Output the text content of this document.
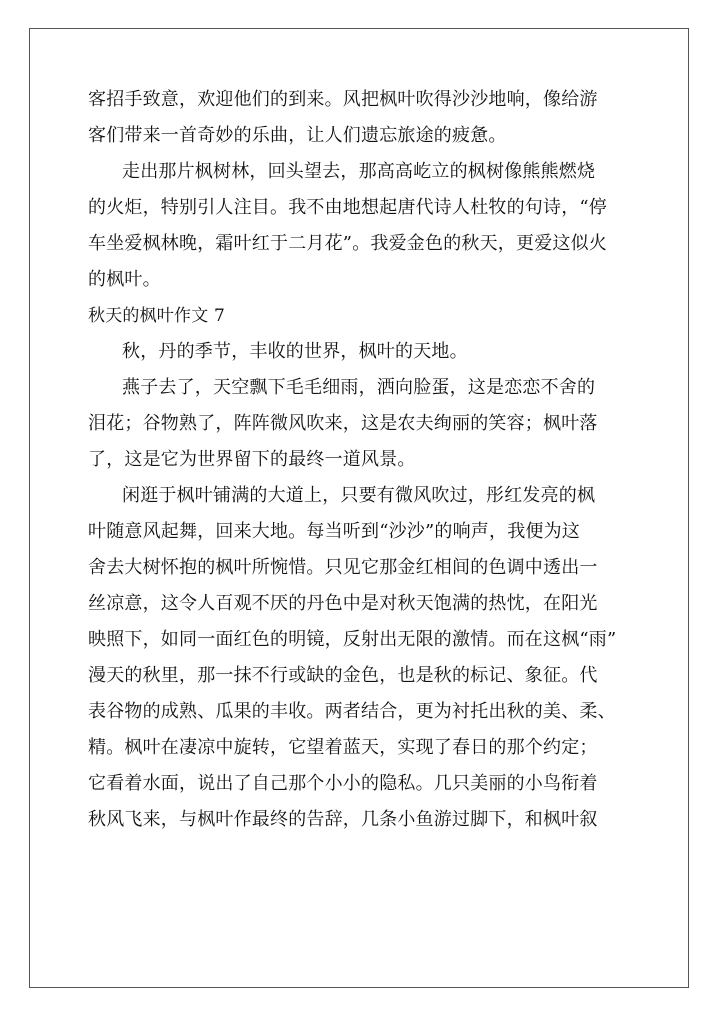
客招手致意，欢迎他们的到来。风把枫叶吹得沙沙地响，像给游
客们带来一首奇妙的乐曲，让人们遗忘旅途的疲惫。
走出那片枫树林，回头望去，那高高屹立的枫树像熊熊燃烧
的火炬，特别引人注目。我不由地想起唐代诗人杜牧的句诗，“停
车坐爱枫林晚，霜叶红于二月花”。我爱金色的秋天，更爱这似火
的枫叶。
秋天的枫叶作文 7
秋，丹的季节，丰收的世界，枫叶的天地。
燕子去了，天空飘下毛毛细雨，洒向脸蛋，这是恋恋不舍的
泪花；谷物熟了，阵阵微风吹来，这是农夫绚丽的笑容；枫叶落
了，这是它为世界留下的最终一道风景。
闲逛于枫叶铺满的大道上，只要有微风吹过，彤红发亮的枫
叶随意风起舞，回来大地。每当听到“沙沙”的响声，我便为这
舍去大树怀抱的枫叶所惋惜。只见它那金红相间的色调中透出一
丝凉意，这令人百观不厌的丹色中是对秋天饱满的热忱，在阳光
映照下，如同一面红色的明镜，反射出无限的激情。而在这枫“雨”
漫天的秋里，那一抹不行或缺的金色，也是秋的标记、象征。代
表谷物的成熟、瓜果的丰收。两者结合，更为衬托出秋的美、柔、
精。枫叶在凄凉中旋转，它望着蓝天，实现了春日的那个约定；
它看着水面，说出了自己那个小小的隐私。几只美丽的小鸟衔着
秋风飞来，与枫叶作最终的告辞，几条小鱼游过脚下，和枫叶叙
